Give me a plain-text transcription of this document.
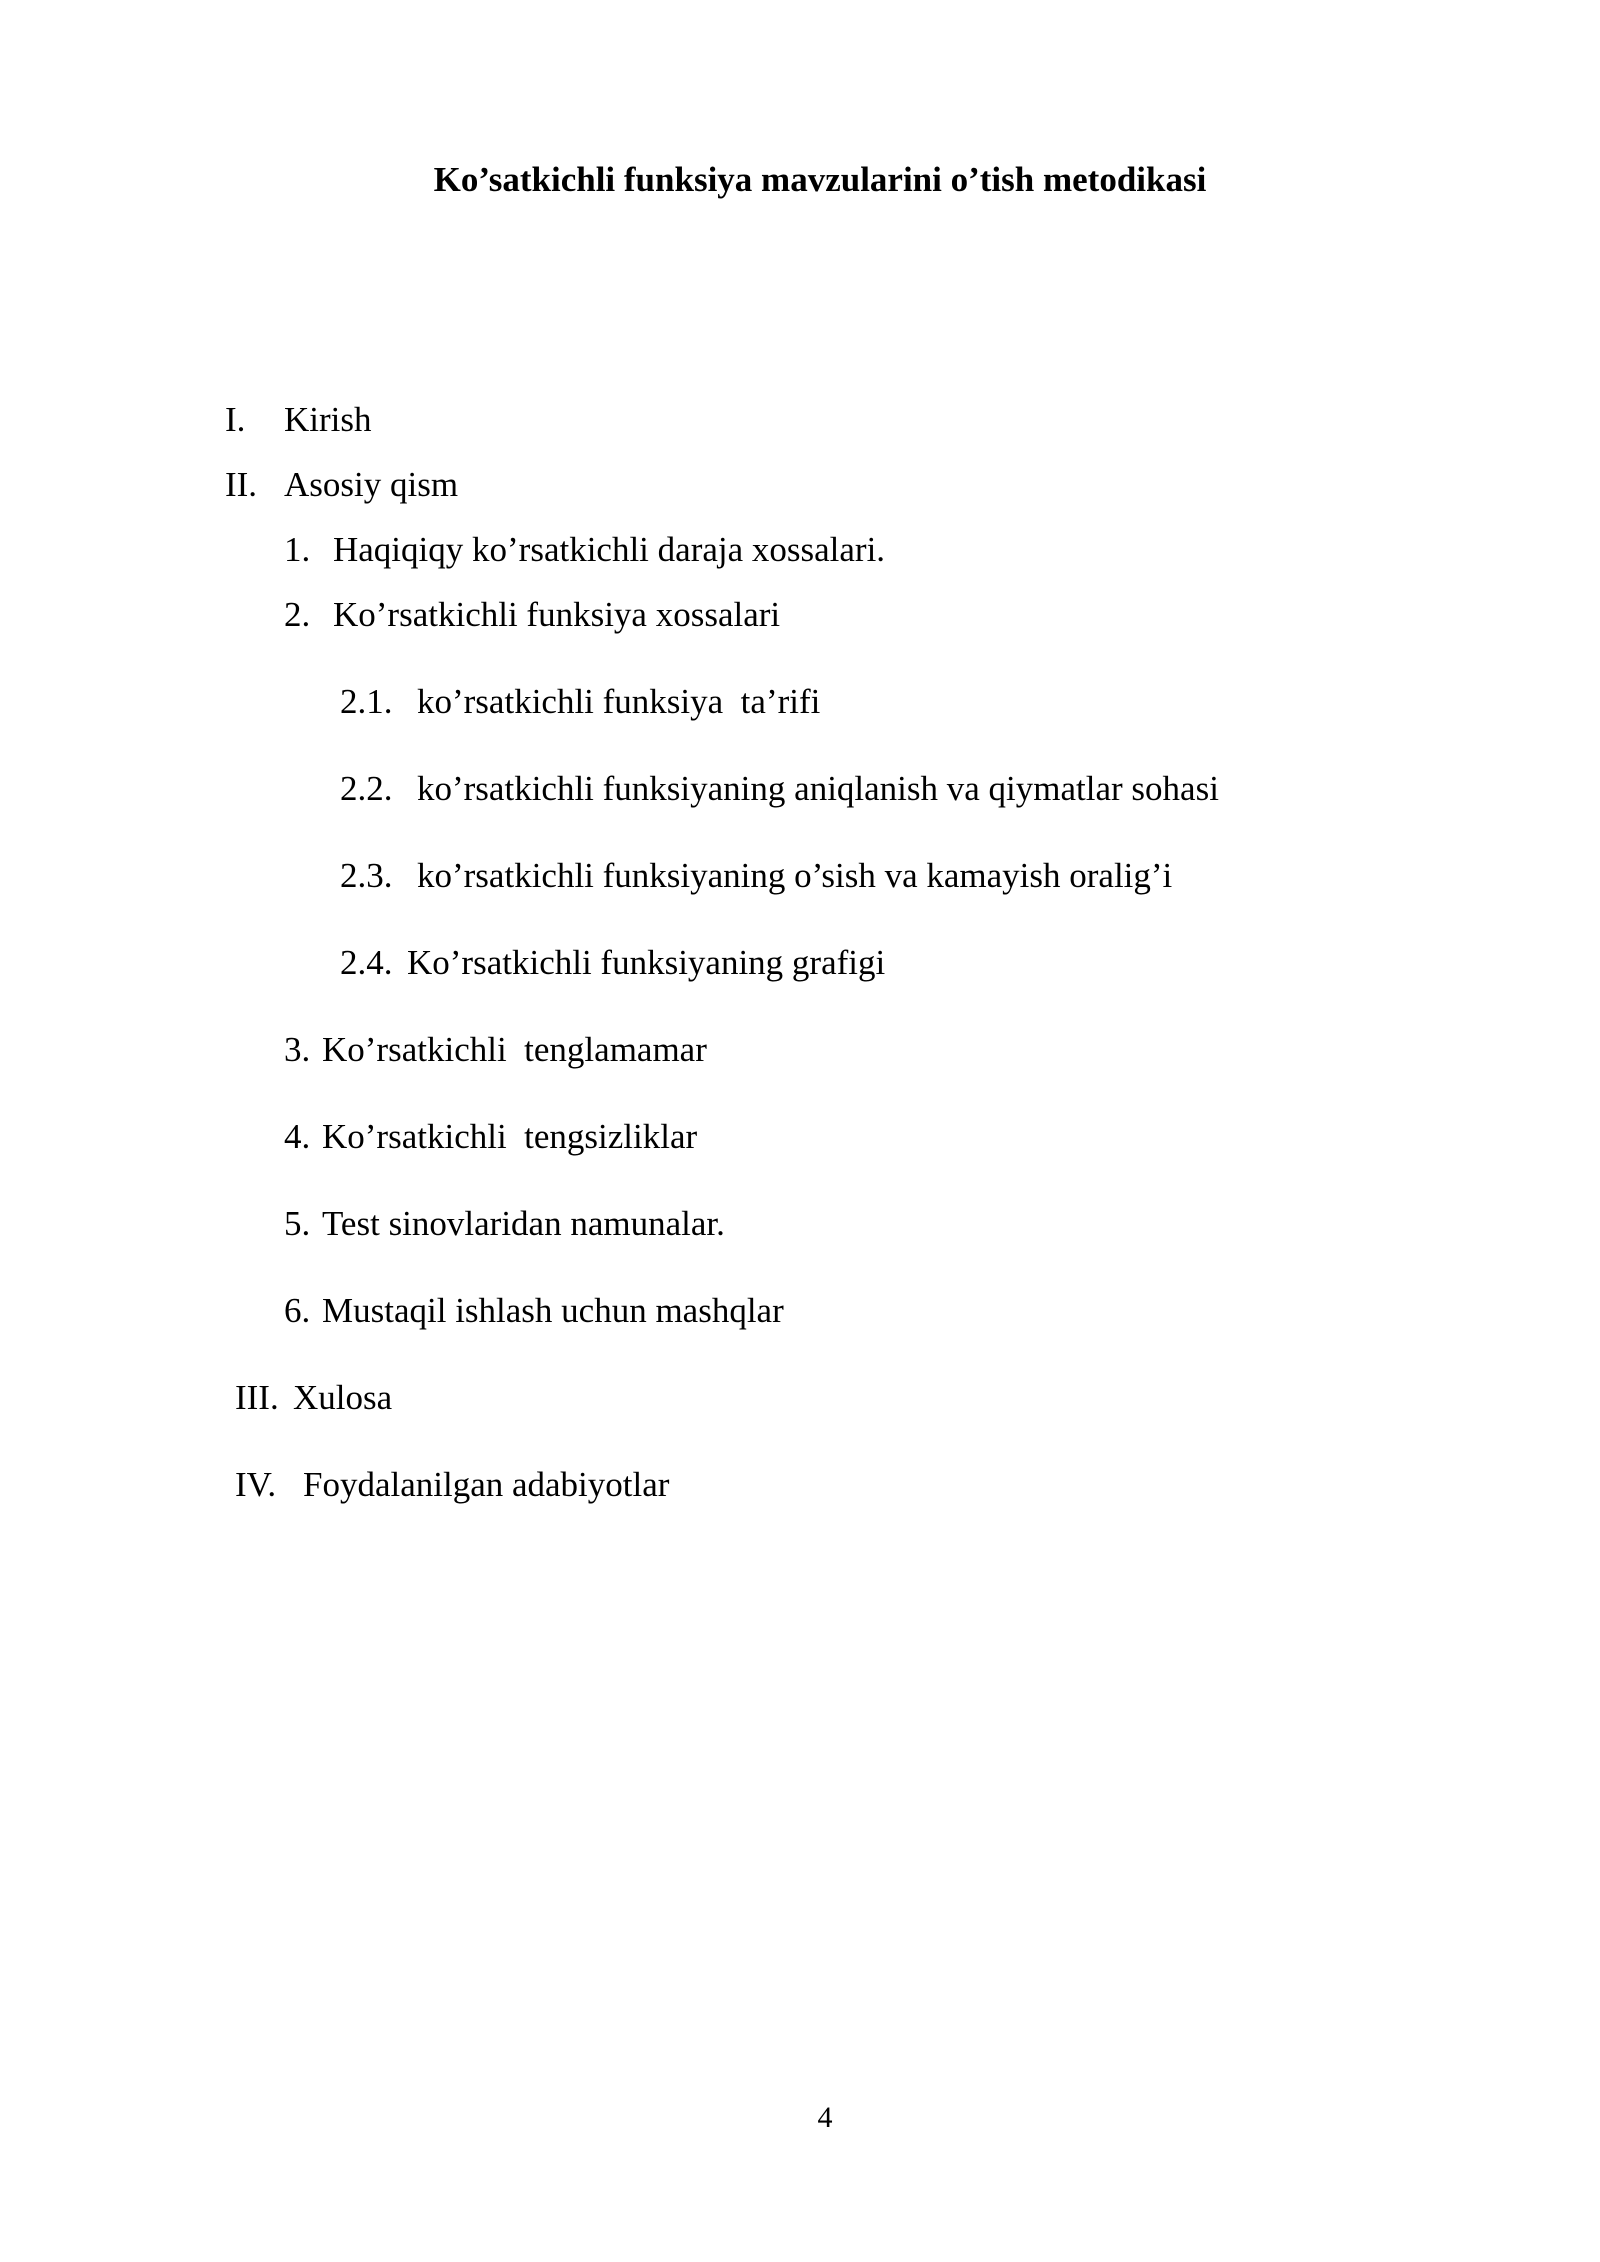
Ko’satkichli funksiya mavzularini o’tish metodikasi

I. Kirish

II. Asosiy qism

1. Haqiqiqy ko’rsatkichli daraja xossalari.

2. Ko’rsatkichli funksiya xossalari

2.1. ko’rsatkichli funksiya  ta’rifi

2.2. ko’rsatkichli funksiyaning aniqlanish va qiymatlar sohasi

2.3. ko’rsatkichli funksiyaning o’sish va kamayish oralig’i

2.4. Ko’rsatkichli funksiyaning grafigi

3. Ko’rsatkichli  tenglamamar

4. Ko’rsatkichli  tengsizliklar

5. Test sinovlaridan namunalar.

6. Mustaqil ishlash uchun mashqlar

III. Xulosa

IV. Foydalanilgan adabiyotlar

4
